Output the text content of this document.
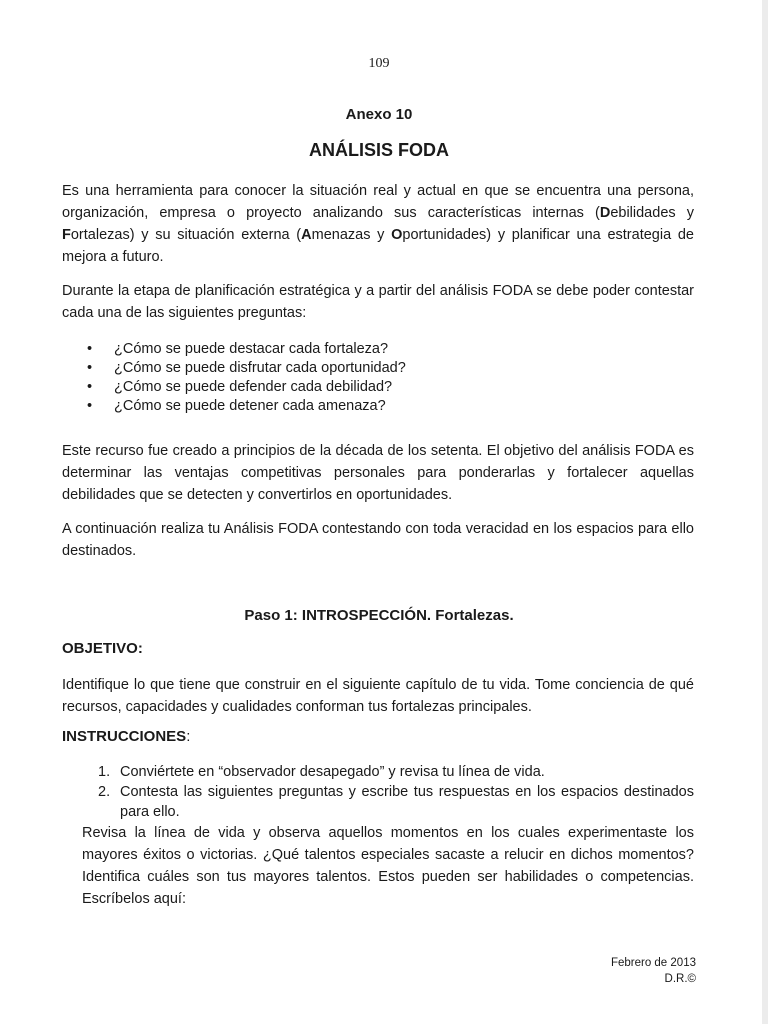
109
Anexo 10
ANÁLISIS FODA

Es una herramienta para conocer la situación real y actual en que se encuentra una persona, organización, empresa o proyecto analizando sus características internas (Debilidades y Fortalezas) y su situación externa (Amenazas y Oportunidades) y planificar una estrategia de mejora a futuro.

Durante la etapa de planificación estratégica y a partir del análisis FODA se debe poder contestar cada una de las siguientes preguntas:

• ¿Cómo se puede destacar cada fortaleza?
• ¿Cómo se puede disfrutar cada oportunidad?
• ¿Cómo se puede defender cada debilidad?
• ¿Cómo se puede detener cada amenaza?

Este recurso fue creado a principios de la década de los setenta. El objetivo del análisis FODA es determinar las ventajas competitivas personales para ponderarlas y fortalecer aquellas debilidades que se detecten y convertirlos en oportunidades.

A continuación realiza tu Análisis FODA contestando con toda veracidad en los espacios para ello destinados.

Paso 1: INTROSPECCIÓN. Fortalezas.
OBJETIVO:

Identifique lo que tiene que construir en el siguiente capítulo de tu vida. Tome conciencia de qué recursos, capacidades y cualidades conforman tus fortalezas principales.

INSTRUCCIONES:
1. Conviértete en “observador desapegado” y revisa tu línea de vida.
2. Contesta las siguientes preguntas y escribe tus respuestas en los espacios destinados para ello.

Revisa la línea de vida y observa aquellos momentos en los cuales experimentaste los mayores éxitos o victorias. ¿Qué talentos especiales sacaste a relucir en dichos momentos? Identifica cuáles son tus mayores talentos. Estos pueden ser habilidades o competencias. Escríbelos aquí:

Febrero de 2013
D.R.©
